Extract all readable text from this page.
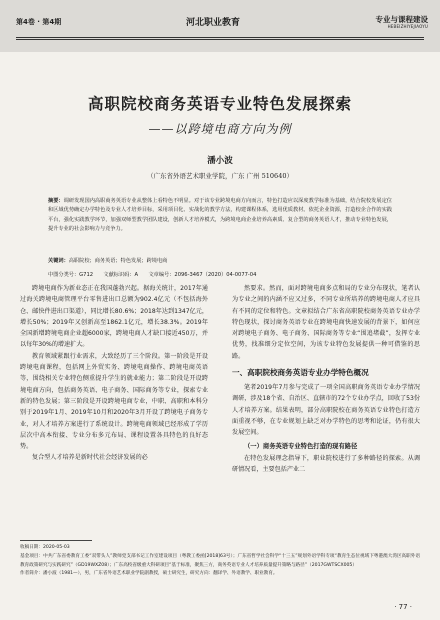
第4卷 · 第4期	河北职业教育	专业与课程建设
HEBEIZHIYEJIAOYU
高职院校商务英语专业特色发展探索
——以跨境电商方向为例
潘小波
（广东省外语艺术职业学院，广东 广州 510640）
摘要：调研发现国内高职商务英语专业从整体上看特色不明显。对于该专业跨境电商方向而言，特色打造应以深度教学标准为基础，结合院校发展定位和区域优势确定办学特色及专业人才培养目标，采用项目化、实战化的教学方法，构建课程体系，选用优质教材。依托企业资源，打造校企合作的实践平台，强化实践教学环节，加强双师型教学团队建设，创新人才培养模式，为跨境电商企业培养高素质、复合型的商务英语人才，推动专业特色发展，提升专业的社会影响力与竞争力。
关键词：高职院校；商务英语；特色发展；跨境电商
中图分类号：G712　　文献标识码：A　　文章编号：2096-3467（2020）04-0077-04

跨境电商作为新业态正在我国蓬勃兴起。据海关统计，2017年通过海关跨境电商管理平台零售进出口总额为902.4亿元（不包括海外仓、邮快件进出口渠道），同比增长80.6%；2018年达到1347亿元，增长50%；2019年又创新高至1862.1亿元，增长38.3%。2019年全国新增跨境电商企业超6000家，跨境电商人才缺口接近450万，并以每年30%的增速扩大。

教育领域紧跟行业需求，大致经历了三个阶段。第一阶段是开设跨境电商课程，包括网上外贸实务、跨境电商操作、跨境电商英语等，围绕相关专业特色侧重提升学生的就业能力；第二阶段是开设跨境电商方向，包括商务英语、电子商务、国际商务等专业，探索专业新的特色发展；第三阶段是开设跨境电商专业，中职、高职和本科分别于2019年1月、2019年10月和2020年3月开设了跨境电子商务专业，对人才培养方案进行了系统设计。跨境电商领域已经形成了学历层次中高本衔接、专业分布多元布局、课程设置各具特色的良好态势。

复合型人才培养是新时代社会经济发展的必

然要求。然而，面对跨境电商多点和局的专业分布现状，笔者认为专业之间的内涵不应又过多，不同专业所培养的跨境电商人才应具有不同的定位和特色。文章拟结合广东省高职院校商务英语专业办学特色现状，探讨商务英语专业在跨境电商快速发展的背景下，如何应对跨境电子商务、电子商务、国际商务等专业“围追堵截”，发挥专业优势，找准细分定位空间，为该专业特色发展提供一种可借鉴的思路。

一、高职院校商务英语专业办学特色概况

笔者2019年7月参与完成了一项全国高职商务英语专业办学情况调研，涉及18个省、自治区、直辖市的72个专业办学点，回收了53份人才培养方案。结果表明，部分高职院校在商务英语专业特色打造方面重视不够，在专业规划上缺乏对办学特色的思考和论证，仍有很大发展空间。

（一）商务英语专业特色打造的现有路径

在特色发展理念指导下，职业院校进行了多种路径的探索。从调研情况看，主要包括产业二

收稿日期：2020-05-03
基金项目：中共广东省委教育工委“双带头人”教师党支部书记工作室建设项目（粤教工委函[2018]63号）；广东省哲学社会科学“十三五”规划外语学科专项“教育生态位视域下粤港澳大湾区高职外语教育政策研究与实践研究”（GD19WXZ08）；广东高校省级重大科研项目“基于标准，聚焦三方，商务英语专业人才培养质量提升策略与路径”（2017GWTSCX005）
作者简介：潘小波（1981—），男，广东省外语艺术职业学院副教授，硕士研究生，研究方向：翻译学、外语教学、职业教育。
· 77 ·
